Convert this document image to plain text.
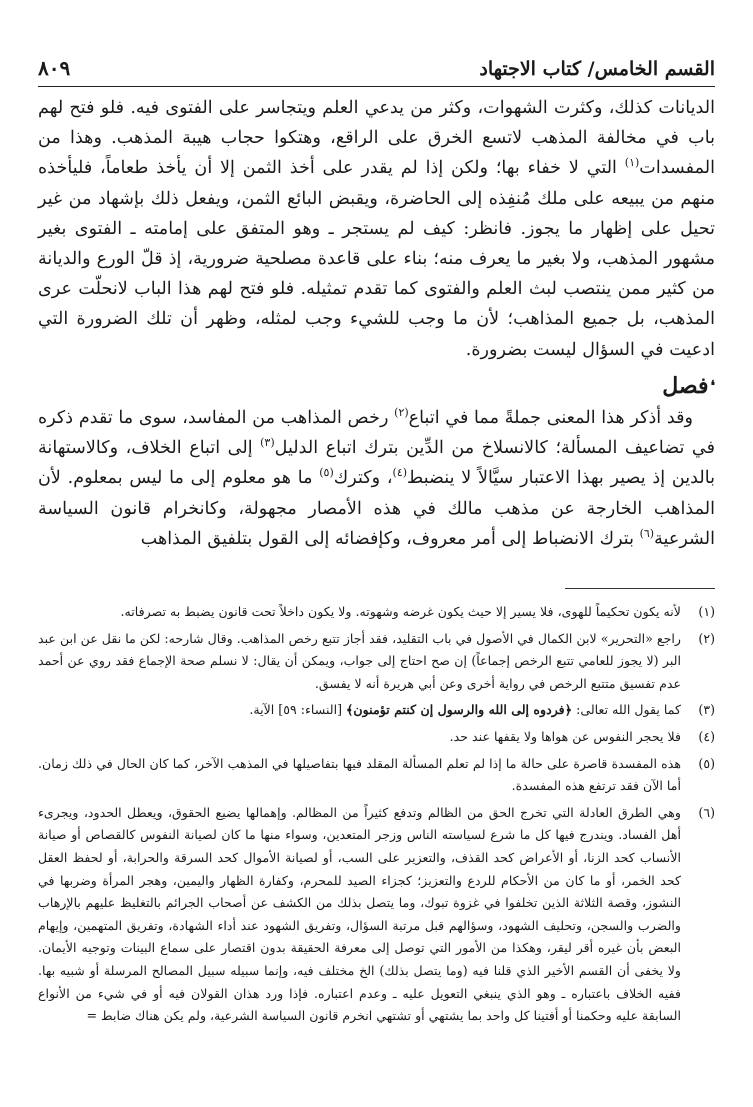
القسم الخامس/ كتاب الاجتهاد
٨٠٩

الديانات كذلك، وكثرت الشهوات، وكثر من يدعي العلم ويتجاسر على الفتوى فيه. فلو فتح لهم باب في مخالفة المذهب لاتسع الخرق على الراقع، وهتكوا حجاب هيبة المذهب. وهذا من المفسدات$^{(١)}$ التي لا خفاء بها؛ ولكن إذا لم يقدر على أخذ الثمن إلا أن يأخذ طعاماً، فليأخذه منهم من يبيعه على ملك مُنفِذه إلى الحاضرة، ويقبض البائع الثمن، ويفعل ذلك بإشهاد من غير تحيل على إظهار ما يجوز. فانظر: كيف لم يستجر ـ وهو المتفق على إمامته ـ الفتوى بغير مشهور المذهب، ولا بغير ما يعرف منه؛ بناء على قاعدة مصلحية ضرورية، إذ قلّ الورع والديانة من كثير ممن ينتصب لبث العلم والفتوى كما تقدم تمثيله. فلو فتح لهم هذا الباب لانحلّت عرى المذهب، بل جميع المذاهب؛ لأن ما وجب للشيء وجب لمثله، وظهر أن تلك الضرورة التي ادعيت في السؤال ليست بضرورة.

❛فصل

وقد أذكر هذا المعنى جملةً مما في اتباع$^{(٢)}$ رخص المذاهب من المفاسد، سوى ما تقدم ذكره في تضاعيف المسألة؛ كالانسلاخ من الدِّين بترك اتباع الدليل$^{(٣)}$ إلى اتباع الخلاف، وكالاستهانة بالدين إذ يصير بهذا الاعتبار سيَّالاً لا ينضبط$^{(٤)}$، وكترك$^{(٥)}$ ما هو معلوم إلى ما ليس بمعلوم. لأن المذاهب الخارجة عن مذهب مالك في هذه الأمصار مجهولة، وكانخرام قانون السياسة الشرعية$^{(٦)}$ بترك الانضباط إلى أمر معروف، وكإفضائه إلى القول بتلفيق المذاهب

(١)
لأنه يكون تحكيماً للهوى، فلا يسير إلا حيث يكون غرضه وشهوته. ولا يكون داخلاً تحت قانون يضبط به تصرفاته.
(٢)
راجع «التحرير» لابن الكمال في الأصول في باب التقليد، فقد أجاز تتبع رخص المذاهب. وقال شارحه: لكن ما نقل عن ابن عبد البر (لا يجوز للعامي تتبع الرخص إجماعاً) إن صح احتاج إلى جواب، ويمكن أن يقال: لا نسلم صحة الإجماع فقد روي عن أحمد عدم تفسيق متتبع الرخص في رواية أخرى وعن أبي هريرة أنه لا يفسق.
(٣)
كما يقول الله تعالى: ﴿فردوه إلى الله والرسول إن كنتم تؤمنون﴾ [النساء: ٥٩] الآية.
(٤)
فلا يحجر النفوس عن هواها ولا يقفها عند حد.
(٥)
هذه المفسدة قاصرة على حالة ما إذا لم تعلم المسألة المقلد فيها بتفاصيلها في المذهب الآخر، كما كان الحال في ذلك زمان. أما الآن فقد ترتفع هذه المفسدة.
(٦)
وهي الطرق العادلة التي تخرج الحق من الظالم وتدفع كثيراً من المظالم. وإهمالها يضيع الحقوق، ويعطل الحدود، ويجرىء أهل الفساد. ويندرج فيها كل ما شرع لسياسته الناس وزجر المتعدين، وسواء منها ما كان لصيانة النفوس كالقصاص أو صيانة الأنساب كحد الزنا، أو الأعراض كحد القذف، والتعزير على السب، أو لصيانة الأموال كحد السرقة والحرابة، أو لحفظ العقل كحد الخمر، أو ما كان من الأحكام للردع والتعزيز؛ كجزاء الصيد للمحرم، وكفارة الظهار واليمين، وهجر المرأة وضربها في النشوز، وقصة الثلاثة الذين تخلفوا في غزوة تبوك، وما يتصل بذلك من الكشف عن أصحاب الجرائم بالتغليظ عليهم بالإرهاب والضرب والسجن، وتحليف الشهود، وسؤالهم قبل مرتبة السؤال، وتفريق الشهود عند أداء الشهادة، وتفريق المتهمين، وإيهام البعض بأن غيره أقر ليقر، وهكذا من الأمور التي توصل إلى معرفة الحقيقة بدون اقتصار على سماع البينات وتوجيه الأيمان. ولا يخفى أن القسم الأخير الذي قلنا فيه (وما يتصل بذلك) الخ مختلف فيه، وإنما سبيله سبيل المصالح المرسلة أو شبيه بها. ففيه الخلاف باعتباره ـ وهو الذي ينبغي التعويل عليه ـ وعدم اعتباره. فإذا ورد هذان القولان فيه أو في شيء من الأنواع السابقة عليه وحكمنا أو أفتينا كل واحد بما يشتهي أو تشتهي انخرم قانون السياسة الشرعية، ولم يكن هناك ضابط =
